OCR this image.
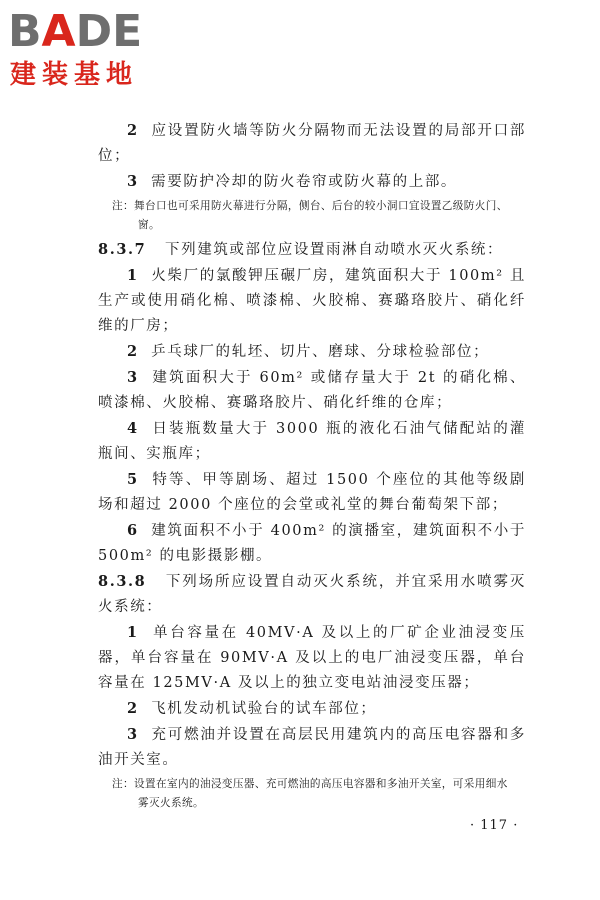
BADE
建装基地

2 应设置防火墙等防火分隔物而无法设置的局部开口部位；

3 需要防护冷却的防火卷帘或防火幕的上部。

注：舞台口也可采用防火幕进行分隔，侧台、后台的较小洞口宜设置乙级防火门、
窗。

8.3.7 下列建筑或部位应设置雨淋自动喷水灭火系统：

1 火柴厂的氯酸钾压碾厂房，建筑面积大于 100m² 且生产或使用硝化棉、喷漆棉、火胶棉、赛璐珞胶片、硝化纤维的厂房；

2 乒乓球厂的轧坯、切片、磨球、分球检验部位；

3 建筑面积大于 60m² 或储存量大于 2t 的硝化棉、喷漆棉、火胶棉、赛璐珞胶片、硝化纤维的仓库；

4 日装瓶数量大于 3000 瓶的液化石油气储配站的灌瓶间、实瓶库；

5 特等、甲等剧场、超过 1500 个座位的其他等级剧场和超过 2000 个座位的会堂或礼堂的舞台葡萄架下部；

6 建筑面积不小于 400m² 的演播室，建筑面积不小于 500m² 的电影摄影棚。

8.3.8 下列场所应设置自动灭火系统，并宜采用水喷雾灭火系统：

1 单台容量在 40MV·A 及以上的厂矿企业油浸变压器，单台容量在 90MV·A 及以上的电厂油浸变压器，单台容量在 125MV·A 及以上的独立变电站油浸变压器；

2 飞机发动机试验台的试车部位；

3 充可燃油并设置在高层民用建筑内的高压电容器和多油开关室。

注：设置在室内的油浸变压器、充可燃油的高压电容器和多油开关室，可采用细水
雾灭火系统。
· 117 ·
